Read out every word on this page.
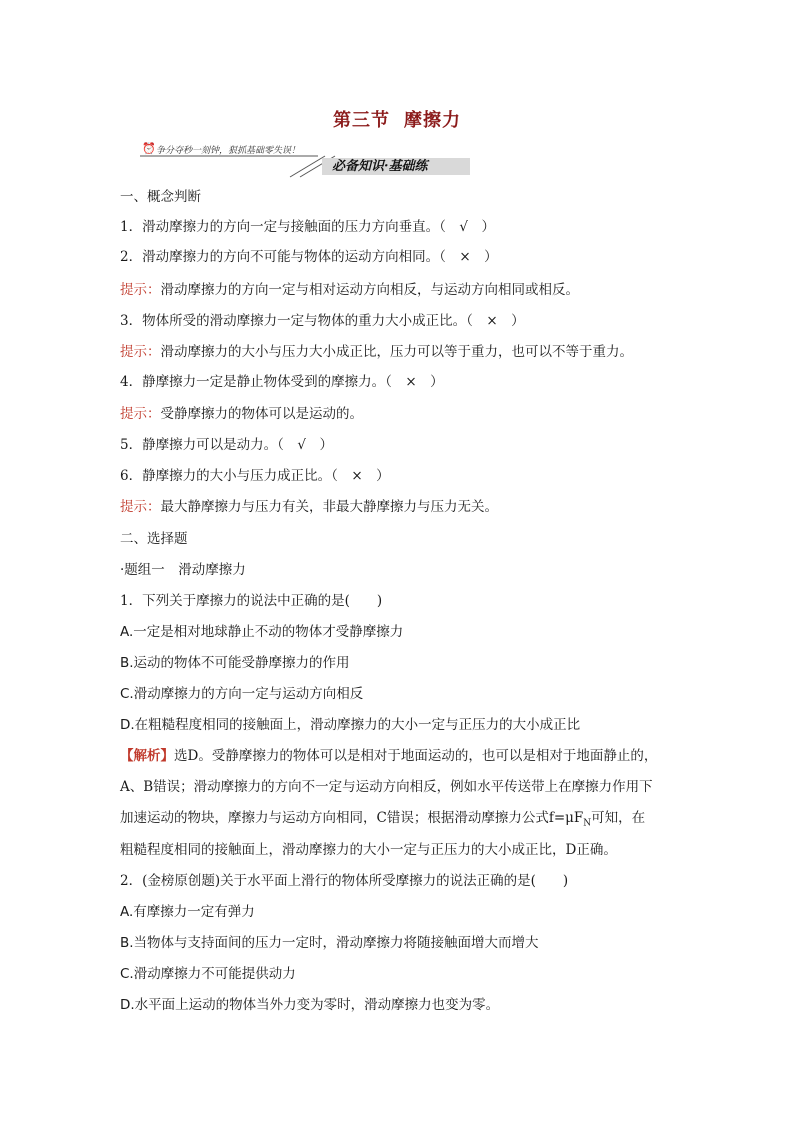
第三节 摩擦力
⏰ 争分夺秒一刻钟，狠抓基础零失误！
必备知识·基础练
一、概念判断
1．滑动摩擦力的方向一定与接触面的压力方向垂直。（　√　）
2．滑动摩擦力的方向不可能与物体的运动方向相同。（　×　）
提示：滑动摩擦力的方向一定与相对运动方向相反，与运动方向相同或相反。
3．物体所受的滑动摩擦力一定与物体的重力大小成正比。（　×　）
提示：滑动摩擦力的大小与压力大小成正比，压力可以等于重力，也可以不等于重力。
4．静摩擦力一定是静止物体受到的摩擦力。（　×　）
提示：受静摩擦力的物体可以是运动的。
5．静摩擦力可以是动力。（　√　）
6．静摩擦力的大小与压力成正比。（　×　）
提示：最大静摩擦力与压力有关，非最大静摩擦力与压力无关。
二、选择题
·题组一　滑动摩擦力
1．下列关于摩擦力的说法中正确的是(　　)
A.一定是相对地球静止不动的物体才受静摩擦力
B.运动的物体不可能受静摩擦力的作用
C.滑动摩擦力的方向一定与运动方向相反
D.在粗糙程度相同的接触面上，滑动摩擦力的大小一定与正压力的大小成正比
【解析】选D。受静摩擦力的物体可以是相对于地面运动的，也可以是相对于地面静止的，
A、B错误；滑动摩擦力的方向不一定与运动方向相反，例如水平传送带上在摩擦力作用下
加速运动的物块，摩擦力与运动方向相同，C错误；根据滑动摩擦力公式$f=\mu F_N$可知，在
粗糙程度相同的接触面上，滑动摩擦力的大小一定与正压力的大小成正比，D正确。
2．(金榜原创题)关于水平面上滑行的物体所受摩擦力的说法正确的是(　　)
A.有摩擦力一定有弹力
B.当物体与支持面间的压力一定时，滑动摩擦力将随接触面增大而增大
C.滑动摩擦力不可能提供动力
D.水平面上运动的物体当外力变为零时，滑动摩擦力也变为零。
